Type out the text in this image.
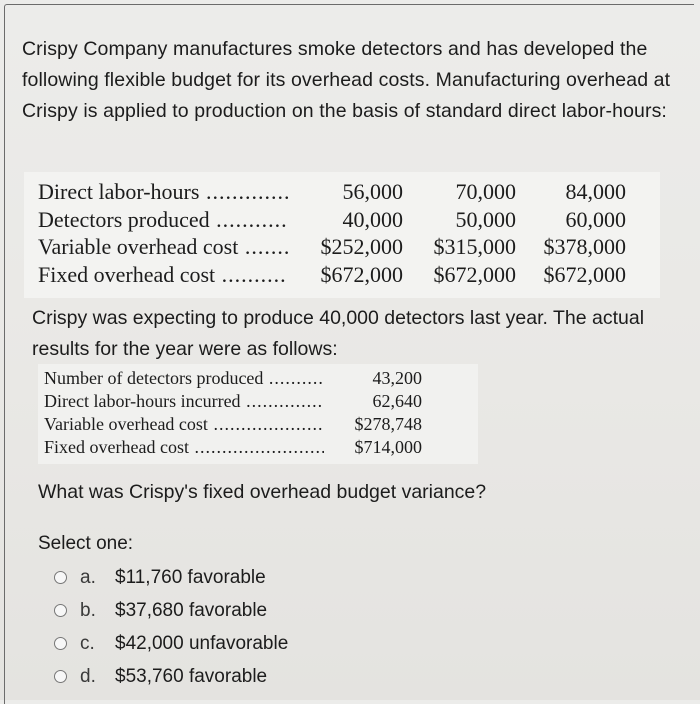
Crispy Company manufactures smoke detectors and has developed the following flexible budget for its overhead costs. Manufacturing overhead at Crispy is applied to production on the basis of standard direct labor-hours:
Direct labor-hours .....	56,000	70,000	84,000
Detectors produced .....	40,000	50,000	60,000
Variable overhead cost .....	$252,000	$315,000	$378,000
Fixed overhead cost .....	$672,000	$672,000	$672,000
Crispy was expecting to produce 40,000 detectors last year. The actual results for the year were as follows:
Number of detectors produced .....	43,200
Direct labor-hours incurred .....	62,640
Variable overhead cost .....	$278,748
Fixed overhead cost .....	$714,000
What was Crispy's fixed overhead budget variance?
Select one:
a. $11,760 favorable
b. $37,680 favorable
c. $42,000 unfavorable
d. $53,760 favorable
